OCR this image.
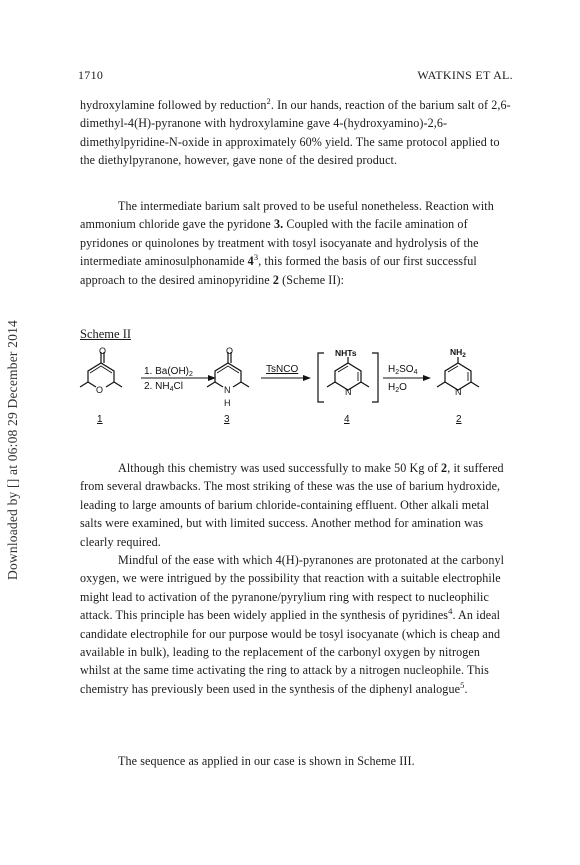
Downloaded by [] at 06:08 29 December 2014
1710	WATKINS ET AL.

hydroxylamine followed by reduction$^2$. In our hands, reaction of the barium salt of 2,6-dimethyl-4(H)-pyranone with hydroxylamine gave 4-(hydroxyamino)-2,6-dimethylpyridine-N-oxide in approximately 60% yield. The same protocol applied to the diethylpyranone, however, gave none of the desired product.

The intermediate barium salt proved to be useful nonetheless. Reaction with ammonium chloride gave the pyridone 3. Coupled with the facile amination of pyridones or quinolones by treatment with tosyl isocyanate and hydrolysis of the intermediate aminosulphonamide $4^3$, this formed the basis of our first successful approach to the desired aminopyridine 2 (Scheme II):

Scheme II
O
O
1
1. $Ba(OH)_2$
2. $NH_4Cl$
O
N
H
3
TsNCO
NHTs
N
4
$H_2SO_4$
$H_2O$
$NH_2$
N
2

Although this chemistry was used successfully to make 50 Kg of 2, it suffered from several drawbacks. The most striking of these was the use of barium hydroxide, leading to large amounts of barium chloride-containing effluent. Other alkali metal salts were examined, but with limited success. Another method for amination was clearly required.

Mindful of the ease with which 4(H)-pyranones are protonated at the carbonyl oxygen, we were intrigued by the possibility that reaction with a suitable electrophile might lead to activation of the pyranone/pyrylium ring with respect to nucleophilic attack. This principle has been widely applied in the synthesis of pyridines$^4$. An ideal candidate electrophile for our purpose would be tosyl isocyanate (which is cheap and available in bulk), leading to the replacement of the carbonyl oxygen by nitrogen whilst at the same time activating the ring to attack by a nitrogen nucleophile. This chemistry has previously been used in the synthesis of the diphenyl analogue$^5$.

The sequence as applied in our case is shown in Scheme III.
